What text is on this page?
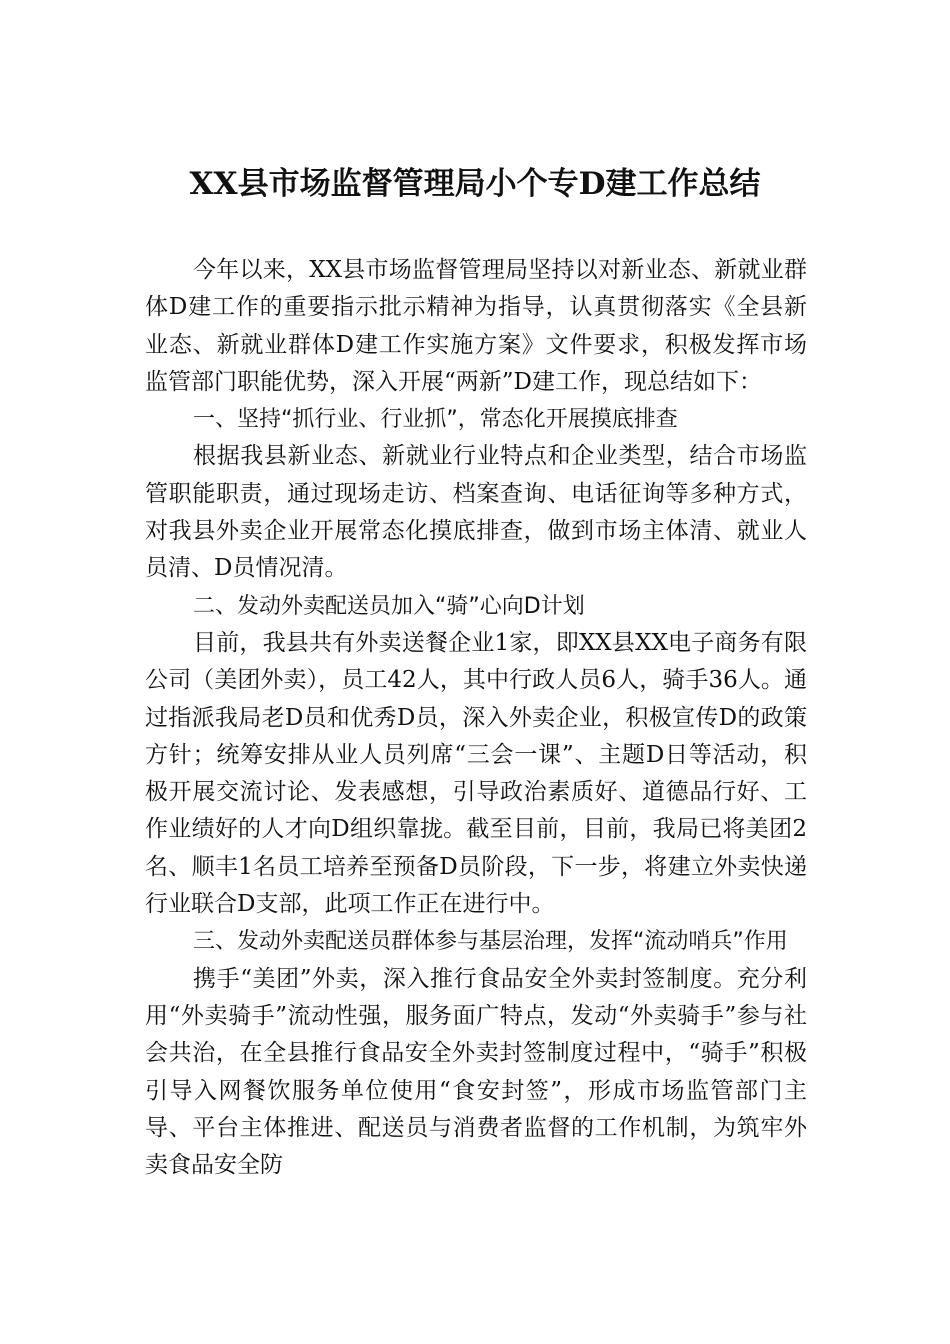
XX县市场监督管理局小个专D建工作总结

今年以来，XX县市场监督管理局坚持以对新业态、新就业群体D建工作的重要指示批示精神为指导，认真贯彻落实《全县新业态、新就业群体D建工作实施方案》文件要求，积极发挥市场监管部门职能优势，深入开展“两新”D建工作，现总结如下：

一、坚持“抓行业、行业抓”，常态化开展摸底排查

根据我县新业态、新就业行业特点和企业类型，结合市场监管职能职责，通过现场走访、档案查询、电话征询等多种方式，对我县外卖企业开展常态化摸底排查，做到市场主体清、就业人员清、D员情况清。

二、发动外卖配送员加入“骑”心向D计划

目前，我县共有外卖送餐企业1家，即XX县XX电子商务有限公司（美团外卖），员工42人，其中行政人员6人，骑手36人。通过指派我局老D员和优秀D员，深入外卖企业，积极宣传D的政策方针；统筹安排从业人员列席“三会一课”、主题D日等活动，积极开展交流讨论、发表感想，引导政治素质好、道德品行好、工作业绩好的人才向D组织靠拢。截至目前，目前，我局已将美团2名、顺丰1名员工培养至预备D员阶段，下一步，将建立外卖快递行业联合D支部，此项工作正在进行中。

三、发动外卖配送员群体参与基层治理，发挥“流动哨兵”作用

携手“美团”外卖，深入推行食品安全外卖封签制度。充分利用“外卖骑手”流动性强，服务面广特点，发动“外卖骑手”参与社会共治，在全县推行食品安全外卖封签制度过程中，“骑手”积极引导入网餐饮服务单位使用“食安封签”，形成市场监管部门主导、平台主体推进、配送员与消费者监督的工作机制，为筑牢外卖食品安全防
